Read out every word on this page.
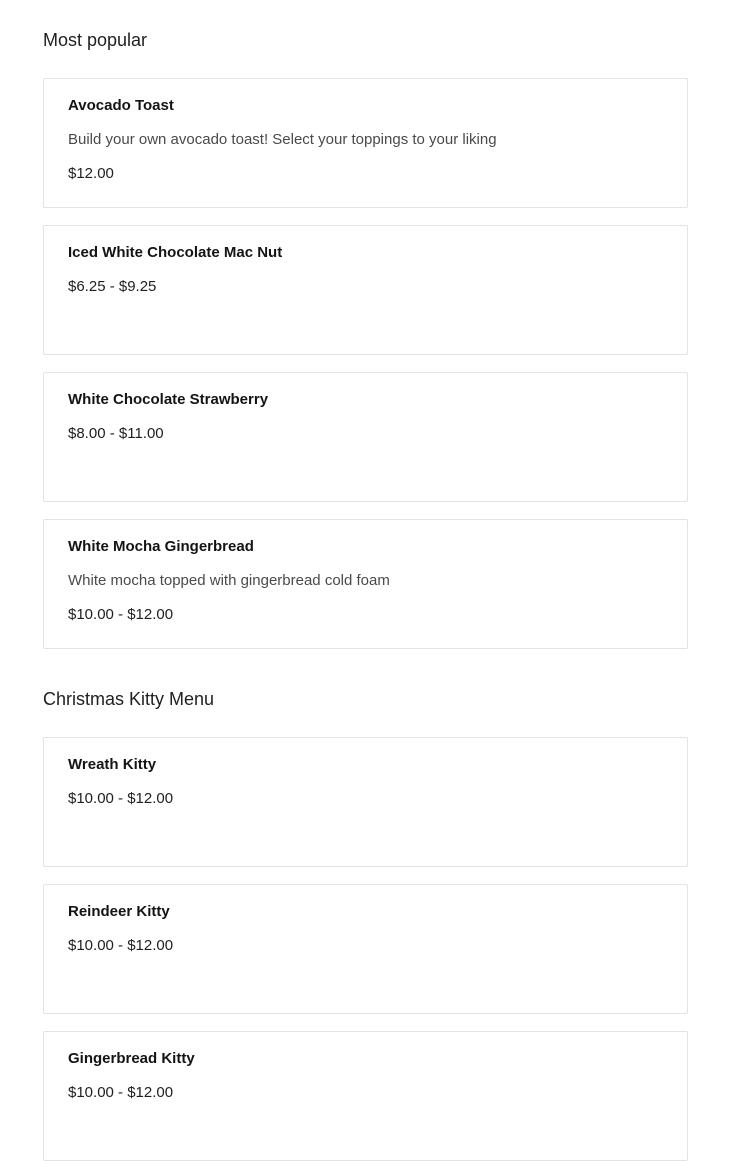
Most popular
Avocado Toast
Build your own avocado toast! Select your toppings to your liking
$12.00
Iced White Chocolate Mac Nut
$6.25 - $9.25
White Chocolate Strawberry
$8.00 - $11.00
White Mocha Gingerbread
White mocha topped with gingerbread cold foam
$10.00 - $12.00
Christmas Kitty Menu
Wreath Kitty
$10.00 - $12.00
Reindeer Kitty
$10.00 - $12.00
Gingerbread Kitty
$10.00 - $12.00
